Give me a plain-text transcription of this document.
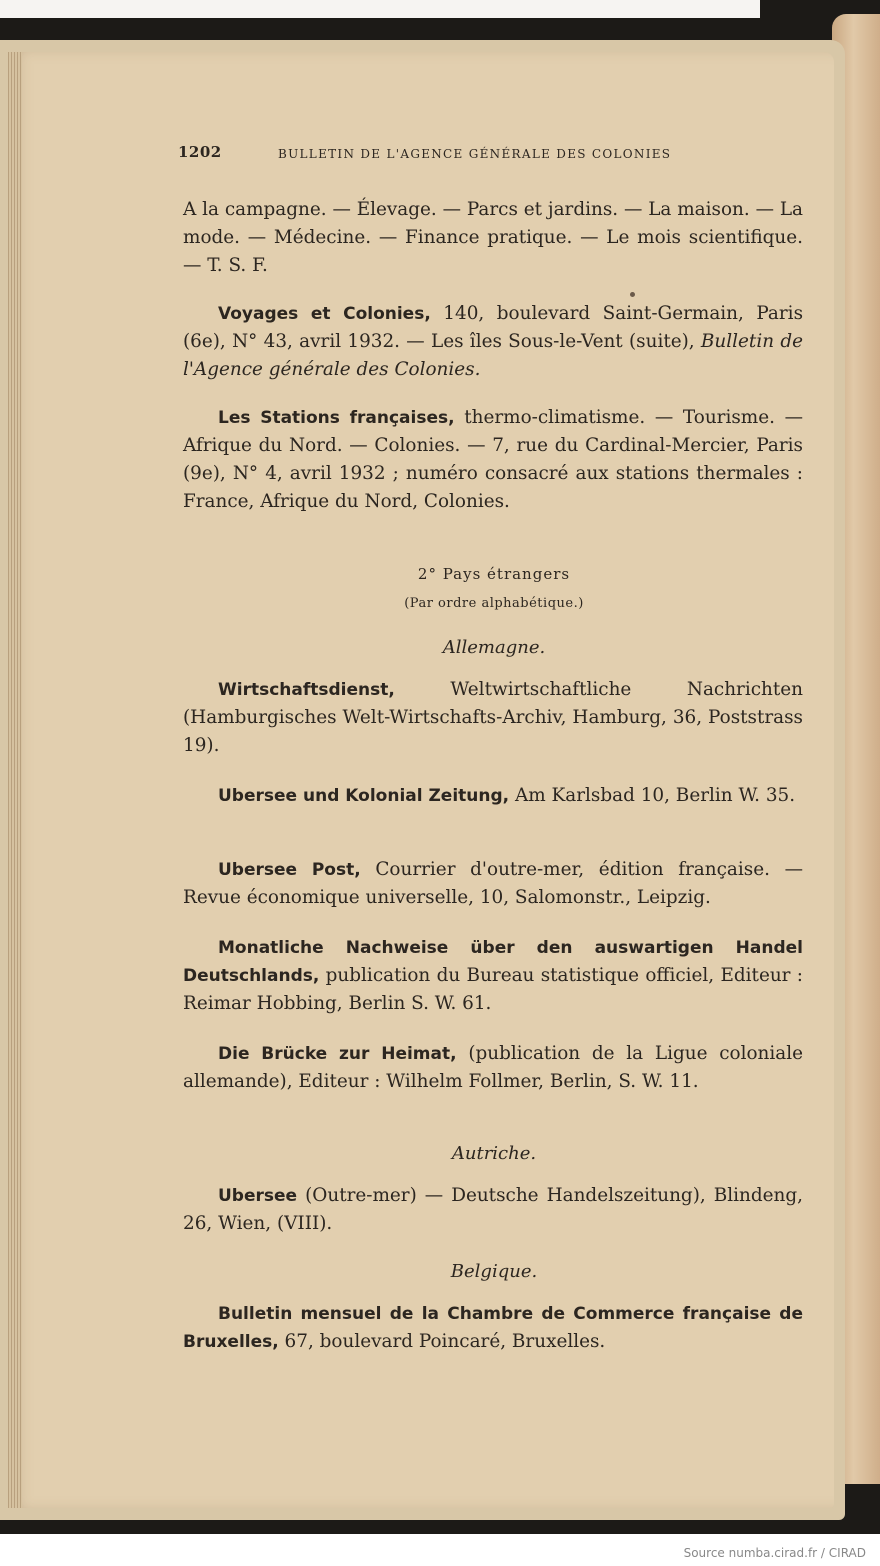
1202	BULLETIN DE L'AGENCE GÉNÉRALE DES COLONIES
A la campagne. — Élevage. — Parcs et jardins. — La maison. — La mode. — Médecine. — Finance pratique. — Le mois scientifique. — T. S. F.
Voyages et Colonies, 140, boulevard Saint-Germain, Paris (6e), N° 43, avril 1932. — Les îles Sous-le-Vent (suite), Bulletin de l'Agence générale des Colonies.
Les Stations françaises, thermo-climatisme. — Tourisme. — Afrique du Nord. — Colonies. — 7, rue du Cardinal-Mercier, Paris (9e), N° 4, avril 1932 ; numéro consacré aux stations thermales : France, Afrique du Nord, Colonies.
2° Pays étrangers
(Par ordre alphabétique.)
Allemagne.
Wirtschaftsdienst, Weltwirtschaftliche Nachrichten (Hamburgisches Welt-Wirtschafts-Archiv, Hamburg, 36, Poststrass 19).
Ubersee und Kolonial Zeitung, Am Karlsbad 10, Berlin W. 35.
Ubersee Post, Courrier d'outre-mer, édition française. — Revue économique universelle, 10, Salomonstr., Leipzig.
Monatliche Nachweise über den auswartigen Handel Deutschlands, publication du Bureau statistique officiel, Editeur : Reimar Hobbing, Berlin S. W. 61.
Die Brücke zur Heimat, (publication de la Ligue coloniale allemande), Editeur : Wilhelm Follmer, Berlin, S. W. 11.
Autriche.
Ubersee (Outre-mer) — Deutsche Handelszeitung), Blindeng, 26, Wien, (VIII).
Belgique.
Bulletin mensuel de la Chambre de Commerce française de Bruxelles, 67, boulevard Poincaré, Bruxelles.
Source numba.cirad.fr / CIRAD
